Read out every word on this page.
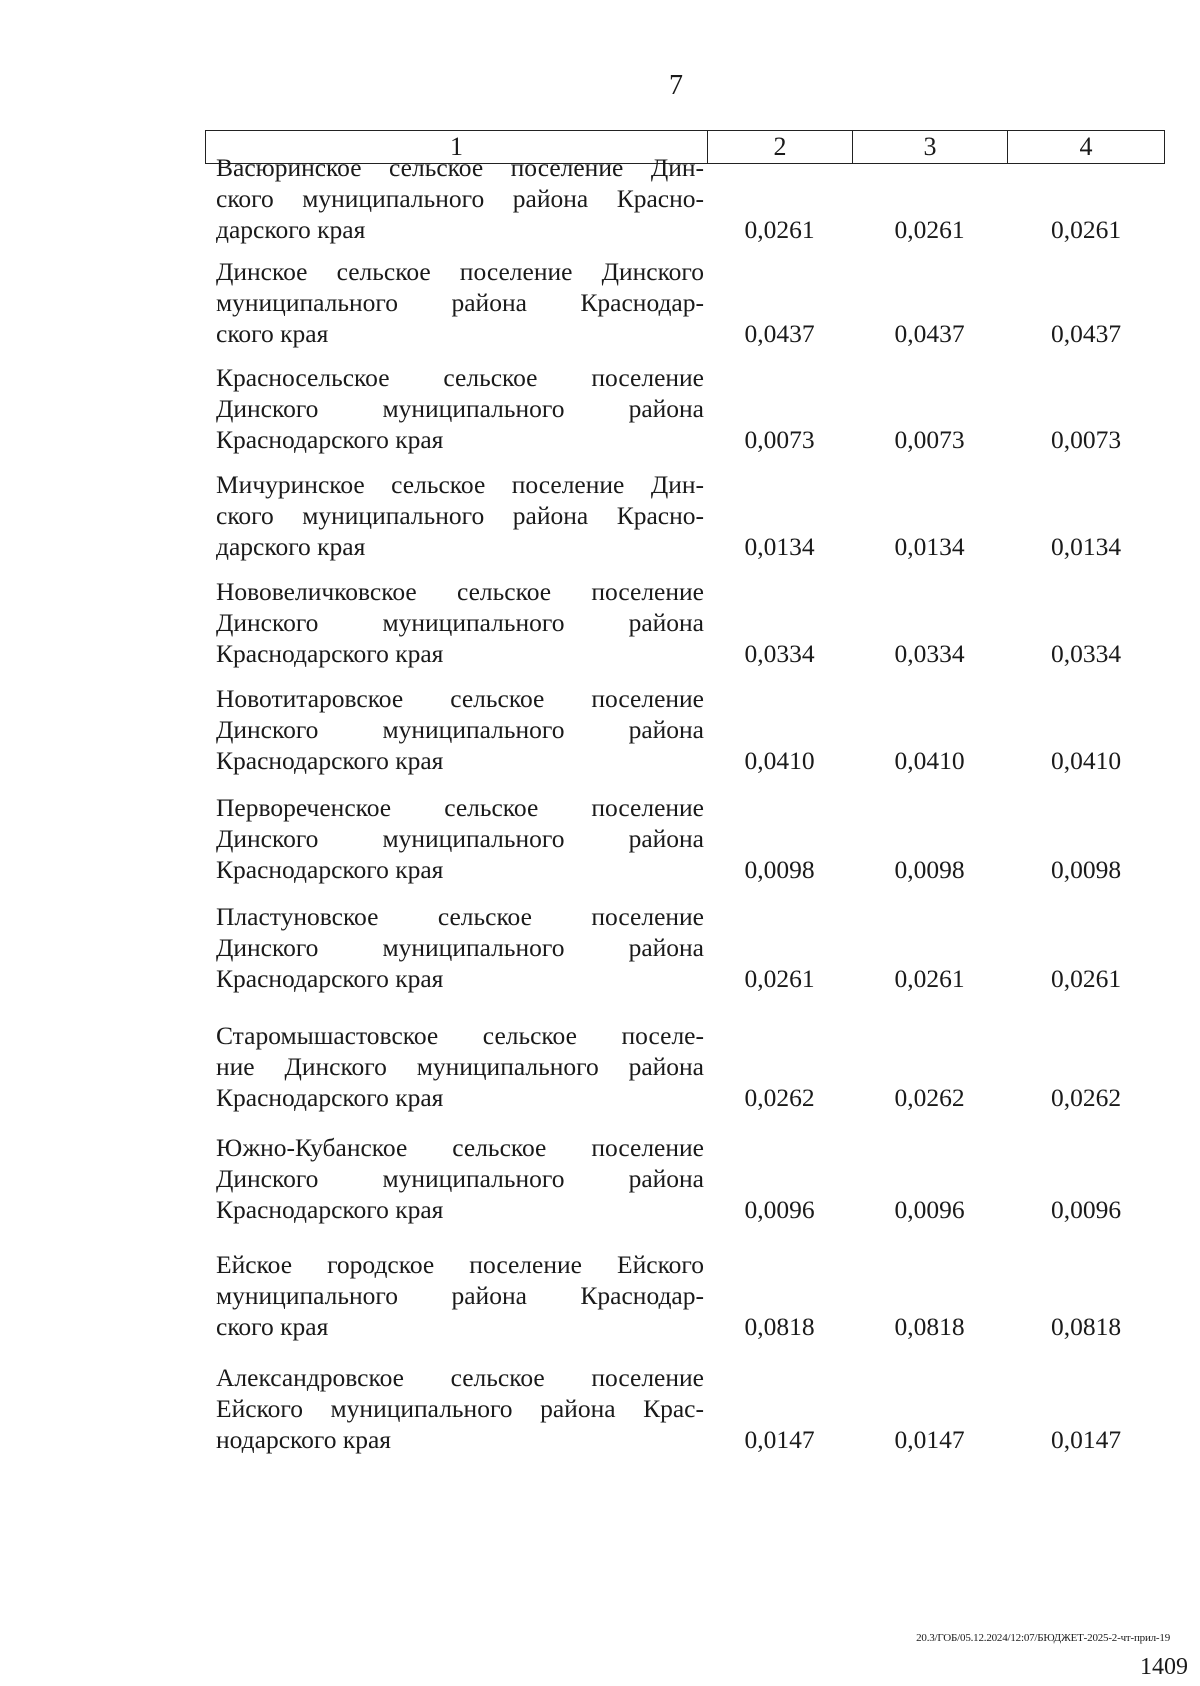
7
1	2	3	4
Васюринское сельское поселение Дин-
ского муниципального района Красно-
дарского края	0,0261	0,0261	0,0261
Динское сельское поселение Динского
муниципального района Краснодар-
ского края	0,0437	0,0437	0,0437
Красносельское сельское поселение
Динского муниципального района
Краснодарского края	0,0073	0,0073	0,0073
Мичуринское сельское поселение Дин-
ского муниципального района Красно-
дарского края	0,0134	0,0134	0,0134
Нововеличковское сельское поселение
Динского муниципального района
Краснодарского края	0,0334	0,0334	0,0334
Новотитаровское сельское поселение
Динского муниципального района
Краснодарского края	0,0410	0,0410	0,0410
Первореченское сельское поселение
Динского муниципального района
Краснодарского края	0,0098	0,0098	0,0098
Пластуновское сельское поселение
Динского муниципального района
Краснодарского края	0,0261	0,0261	0,0261
Старомышастовское сельское поселе-
ние Динского муниципального района
Краснодарского края	0,0262	0,0262	0,0262
Южно-Кубанское сельское поселение
Динского муниципального района
Краснодарского края	0,0096	0,0096	0,0096
Ейское городское поселение Ейского
муниципального района Краснодар-
ского края	0,0818	0,0818	0,0818
Александровское сельское поселение
Ейского муниципального района Крас-
нодарского края	0,0147	0,0147	0,0147
20.3/ГОБ/05.12.2024/12:07/БЮДЖЕТ-2025-2-чт-прил-19
1409
